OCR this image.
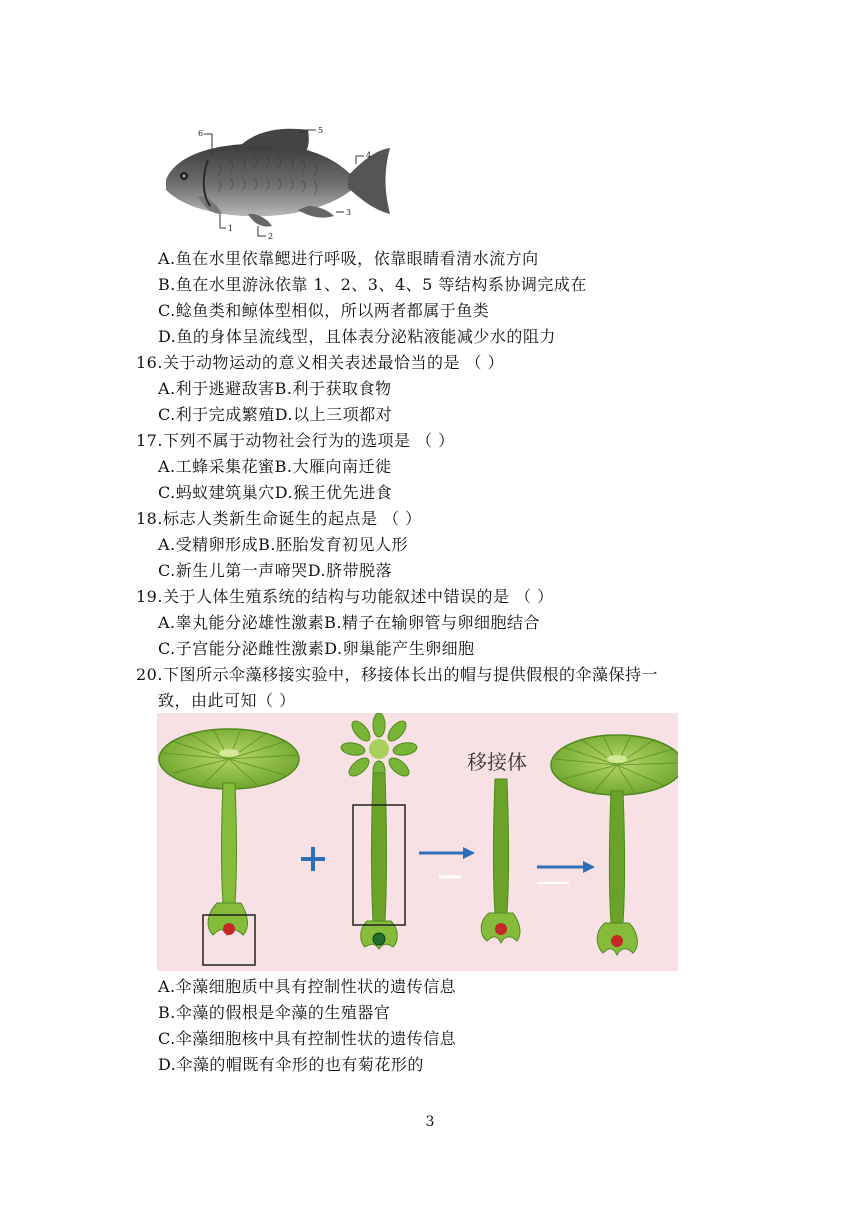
6	5
4
3
2
1
A.鱼在水里依靠鳃进行呼吸，依靠眼睛看清水流方向
B.鱼在水里游泳依靠 1、2、3、4、5 等结构系协调完成在
C.鲶鱼类和鲸体型相似，所以两者都属于鱼类
D.鱼的身体呈流线型，且体表分泌粘液能减少水的阻力
16.关于动物运动的意义相关表述最恰当的是 （ ）
A.利于逃避敌害B.利于获取食物
C.利于完成繁殖D.以上三项都对
17.下列不属于动物社会行为的选项是 （ ）
A.工蜂采集花蜜B.大雁向南迁徙
C.蚂蚁建筑巢穴D.猴王优先进食
18.标志人类新生命诞生的起点是 （ ）
A.受精卵形成B.胚胎发育初见人形
C.新生儿第一声啼哭D.脐带脱落
19.关于人体生殖系统的结构与功能叙述中错误的是 （ ）
A.睾丸能分泌雄性激素B.精子在输卵管与卵细胞结合
C.子宫能分泌雌性激素D.卵巢能产生卵细胞
20.下图所示伞藻移接实验中，移接体长出的帽与提供假根的伞藻保持一
致，由此可知（ ）
移接体
A.伞藻细胞质中具有控制性状的遗传信息
B.伞藻的假根是伞藻的生殖器官
C.伞藻细胞核中具有控制性状的遗传信息
D.伞藻的帽既有伞形的也有菊花形的
3
